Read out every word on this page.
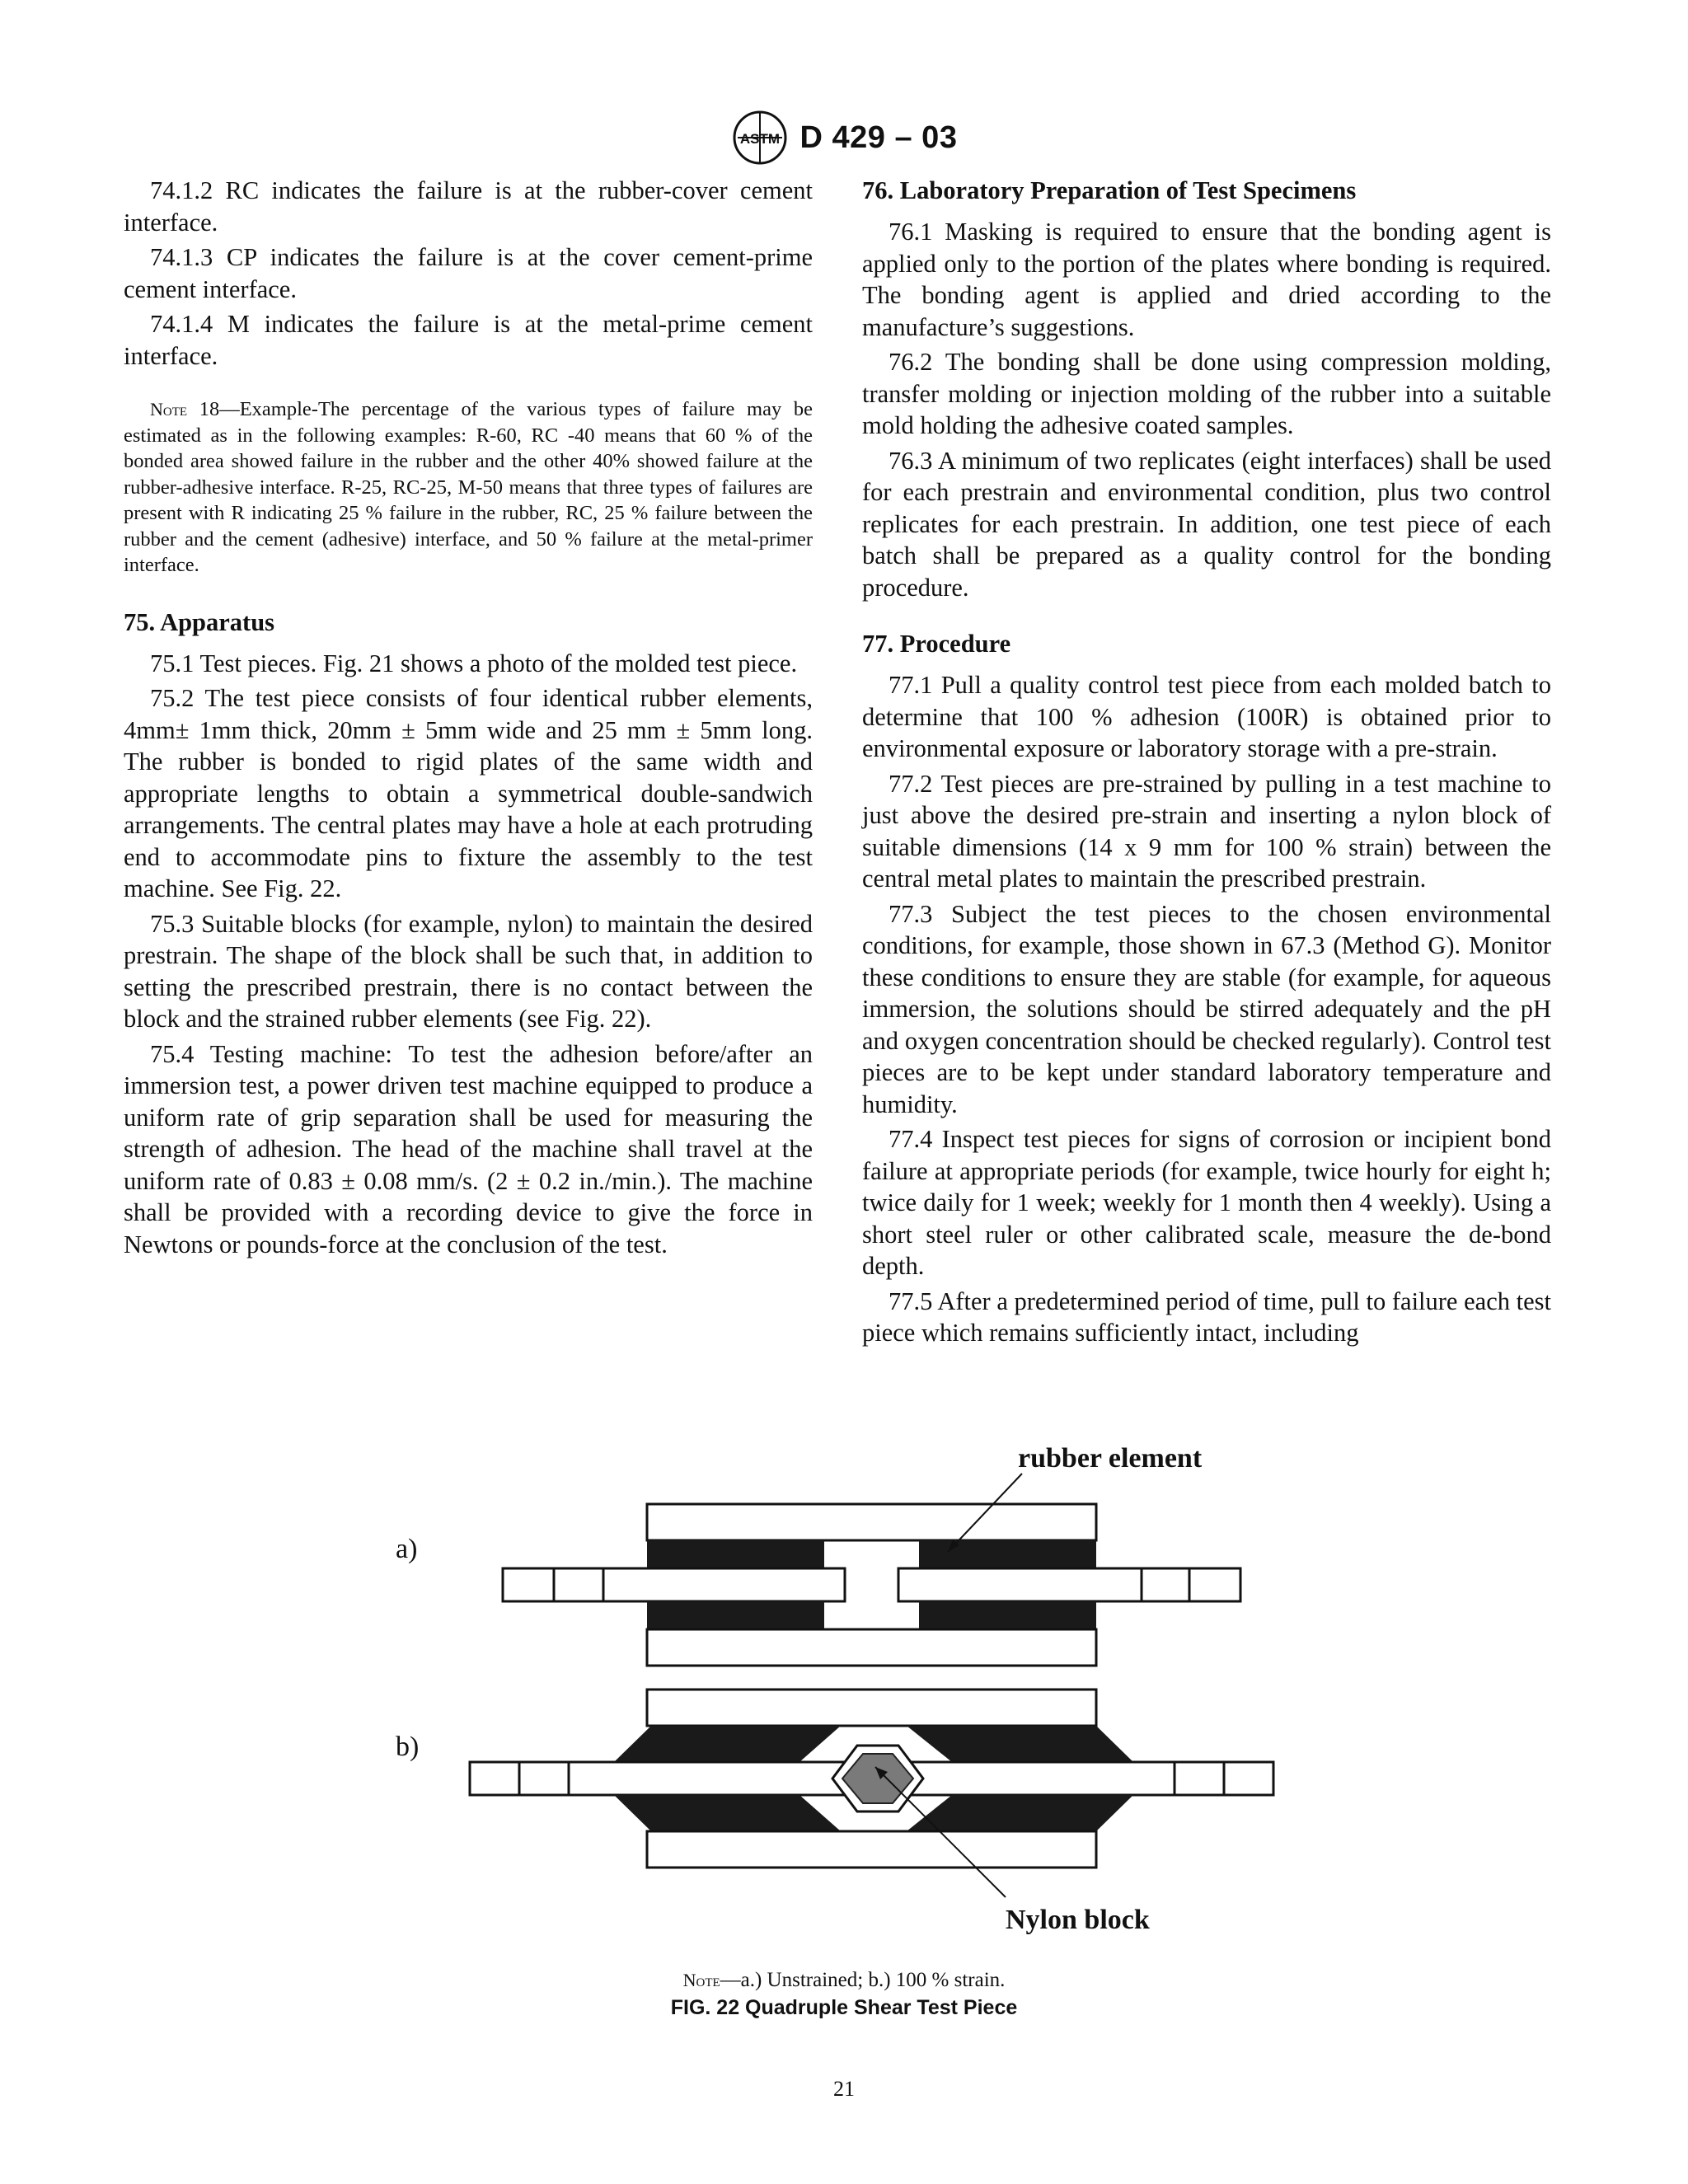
ASTM D 429 – 03

74.1.2 RC indicates the failure is at the rubber-cover cement interface.

74.1.3 CP indicates the failure is at the cover cement-prime cement interface.

74.1.4 M indicates the failure is at the metal-prime cement interface.

Note 18—Example-The percentage of the various types of failure may be estimated as in the following examples: R-60, RC -40 means that 60 % of the bonded area showed failure in the rubber and the other 40% showed failure at the rubber-adhesive interface. R-25, RC-25, M-50 means that three types of failures are present with R indicating 25 % failure in the rubber, RC, 25 % failure between the rubber and the cement (adhesive) interface, and 50 % failure at the metal-primer interface.

75. Apparatus

75.1 Test pieces. Fig. 21 shows a photo of the molded test piece.

75.2 The test piece consists of four identical rubber elements, 4mm± 1mm thick, 20mm ± 5mm wide and 25 mm ± 5mm long. The rubber is bonded to rigid plates of the same width and appropriate lengths to obtain a symmetrical double-sandwich arrangements. The central plates may have a hole at each protruding end to accommodate pins to fixture the assembly to the test machine. See Fig. 22.

75.3 Suitable blocks (for example, nylon) to maintain the desired prestrain. The shape of the block shall be such that, in addition to setting the prescribed prestrain, there is no contact between the block and the strained rubber elements (see Fig. 22).

75.4 Testing machine: To test the adhesion before/after an immersion test, a power driven test machine equipped to produce a uniform rate of grip separation shall be used for measuring the strength of adhesion. The head of the machine shall travel at the uniform rate of 0.83 ± 0.08 mm/s. (2 ± 0.2 in./min.). The machine shall be provided with a recording device to give the force in Newtons or pounds-force at the conclusion of the test.

76. Laboratory Preparation of Test Specimens

76.1 Masking is required to ensure that the bonding agent is applied only to the portion of the plates where bonding is required. The bonding agent is applied and dried according to the manufacture’s suggestions.

76.2 The bonding shall be done using compression molding, transfer molding or injection molding of the rubber into a suitable mold holding the adhesive coated samples.

76.3 A minimum of two replicates (eight interfaces) shall be used for each prestrain and environmental condition, plus two control replicates for each prestrain. In addition, one test piece of each batch shall be prepared as a quality control for the bonding procedure.

77. Procedure

77.1 Pull a quality control test piece from each molded batch to determine that 100 % adhesion (100R) is obtained prior to environmental exposure or laboratory storage with a pre-strain.

77.2 Test pieces are pre-strained by pulling in a test machine to just above the desired pre-strain and inserting a nylon block of suitable dimensions (14 x 9 mm for 100 % strain) between the central metal plates to maintain the prescribed prestrain.

77.3 Subject the test pieces to the chosen environmental conditions, for example, those shown in 67.3 (Method G). Monitor these conditions to ensure they are stable (for example, for aqueous immersion, the solutions should be stirred adequately and the pH and oxygen concentration should be checked regularly). Control test pieces are to be kept under standard laboratory temperature and humidity.

77.4 Inspect test pieces for signs of corrosion or incipient bond failure at appropriate periods (for example, twice hourly for eight h; twice daily for 1 week; weekly for 1 month then 4 weekly). Using a short steel ruler or other calibrated scale, measure the de-bond depth.

77.5 After a predetermined period of time, pull to failure each test piece which remains sufficiently intact, including

a)
b)
rubber element
Nylon block
Note—a.) Unstrained; b.) 100 % strain.
FIG. 22 Quadruple Shear Test Piece
21
